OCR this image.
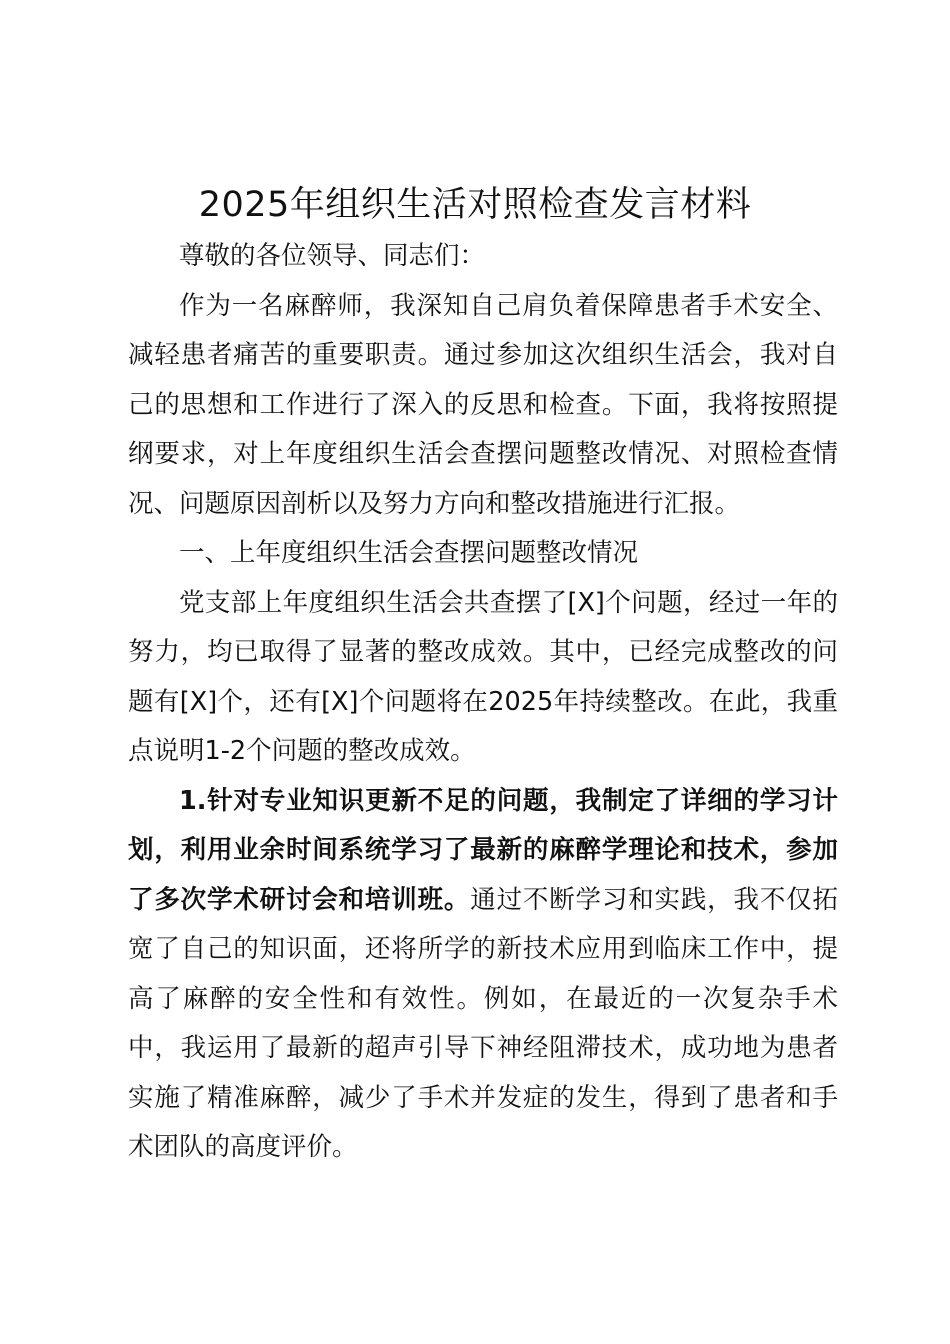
2025年组织生活对照检查发言材料

尊敬的各位领导、同志们：

作为一名麻醉师，我深知自己肩负着保障患者手术安全、减轻患者痛苦的重要职责。通过参加这次组织生活会，我对自己的思想和工作进行了深入的反思和检查。下面，我将按照提纲要求，对上年度组织生活会查摆问题整改情况、对照检查情况、问题原因剖析以及努力方向和整改措施进行汇报。

一、上年度组织生活会查摆问题整改情况

党支部上年度组织生活会共查摆了[X]个问题，经过一年的努力，均已取得了显著的整改成效。其中，已经完成整改的问题有[X]个，还有[X]个问题将在2025年持续整改。在此，我重点说明1-2个问题的整改成效。

1.针对专业知识更新不足的问题，我制定了详细的学习计划，利用业余时间系统学习了最新的麻醉学理论和技术，参加了多次学术研讨会和培训班。通过不断学习和实践，我不仅拓宽了自己的知识面，还将所学的新技术应用到临床工作中，提高了麻醉的安全性和有效性。例如，在最近的一次复杂手术中，我运用了最新的超声引导下神经阻滞技术，成功地为患者实施了精准麻醉，减少了手术并发症的发生，得到了患者和手术团队的高度评价。
